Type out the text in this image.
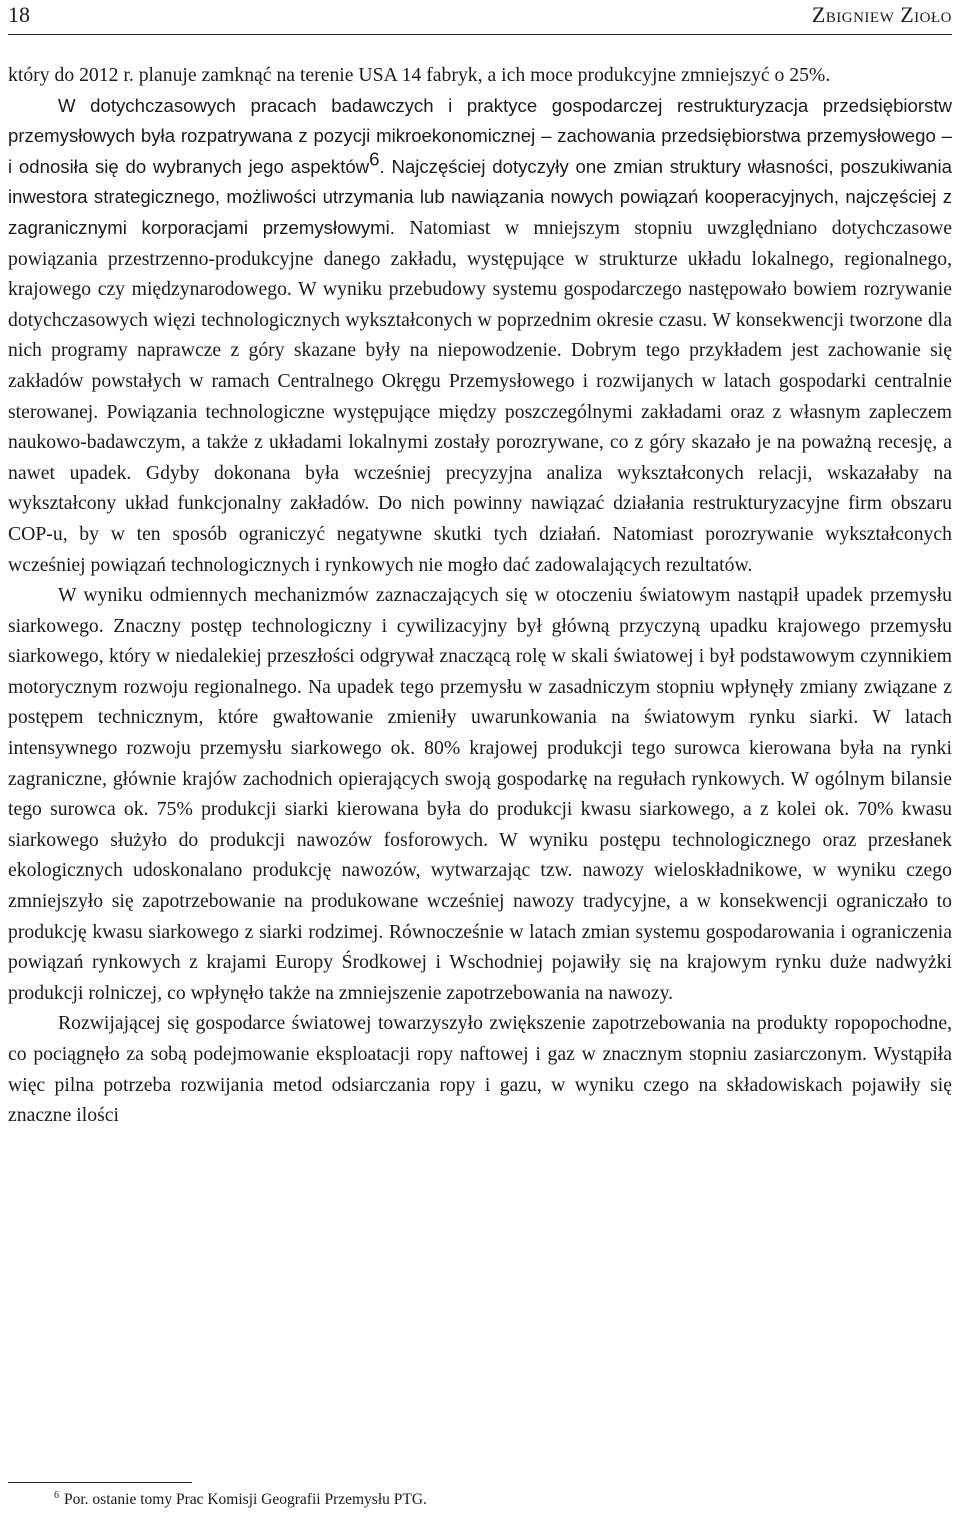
18	Zbigniew Zioło

który do 2012 r. planuje zamknąć na terenie USA 14 fabryk, a ich moce produkcyjne zmniejszyć o 25%.

W dotychczasowych pracach badawczych i praktyce gospodarczej restrukturyzacja przedsiębiorstw przemysłowych była rozpatrywana z pozycji mikroekonomicznej – zachowania przedsiębiorstwa przemysłowego – i odnosiła się do wybranych jego aspektów$^6$. Najczęściej dotyczyły one zmian struktury własności, poszukiwania inwestora strategicznego, możliwości utrzymania lub nawiązania nowych powiązań kooperacyjnych, najczęściej z zagranicznymi korporacjami przemysłowymi. Natomiast w mniejszym stopniu uwzględniano dotychczasowe powiązania przestrzenno-produkcyjne danego zakładu, występujące w strukturze układu lokalnego, regionalnego, krajowego czy międzynarodowego. W wyniku przebudowy systemu gospodarczego następowało bowiem rozrywanie dotychczasowych więzi technologicznych wykształconych w poprzednim okresie czasu. W konsekwencji tworzone dla nich programy naprawcze z góry skazane były na niepowodzenie. Dobrym tego przykładem jest zachowanie się zakładów powstałych w ramach Centralnego Okręgu Przemysłowego i rozwijanych w latach gospodarki centralnie sterowanej. Powiązania technologiczne występujące między poszczególnymi zakładami oraz z własnym zapleczem naukowo-badawczym, a także z układami lokalnymi zostały porozrywane, co z góry skazało je na poważną recesję, a nawet upadek. Gdyby dokonana była wcześniej precyzyjna analiza wykształconych relacji, wskazałaby na wykształcony układ funkcjonalny zakładów. Do nich powinny nawiązać działania restrukturyzacyjne firm obszaru COP-u, by w ten sposób ograniczyć negatywne skutki tych działań. Natomiast porozrywanie wykształconych wcześniej powiązań technologicznych i rynkowych nie mogło dać zadowalających rezultatów.

W wyniku odmiennych mechanizmów zaznaczających się w otoczeniu światowym nastąpił upadek przemysłu siarkowego. Znaczny postęp technologiczny i cywilizacyjny był główną przyczyną upadku krajowego przemysłu siarkowego, który w niedalekiej przeszłości odgrywał znaczącą rolę w skali światowej i był podstawowym czynnikiem motorycznym rozwoju regionalnego. Na upadek tego przemysłu w zasadniczym stopniu wpłynęły zmiany związane z postępem technicznym, które gwałtowanie zmieniły uwarunkowania na światowym rynku siarki. W latach intensywnego rozwoju przemysłu siarkowego ok. 80% krajowej produkcji tego surowca kierowana była na rynki zagraniczne, głównie krajów zachodnich opierających swoją gospodarkę na regułach rynkowych. W ogólnym bilansie tego surowca ok. 75% produkcji siarki kierowana była do produkcji kwasu siarkowego, a z kolei ok. 70% kwasu siarkowego służyło do produkcji nawozów fosforowych. W wyniku postępu technologicznego oraz przesłanek ekologicznych udoskonalano produkcję nawozów, wytwarzając tzw. nawozy wieloskładnikowe, w wyniku czego zmniejszyło się zapotrzebowanie na produkowane wcześniej nawozy tradycyjne, a w konsekwencji ograniczało to produkcję kwasu siarkowego z siarki rodzimej. Równocześnie w latach zmian systemu gospodarowania i ograniczenia powiązań rynkowych z krajami Europy Środkowej i Wschodniej pojawiły się na krajowym rynku duże nadwyżki produkcji rolniczej, co wpłynęło także na zmniejszenie zapotrzebowania na nawozy.

Rozwijającej się gospodarce światowej towarzyszyło zwiększenie zapotrzebowania na produkty ropopochodne, co pociągnęło za sobą podejmowanie eksploatacji ropy naftowej i gaz w znacznym stopniu zasiarczonym. Wystąpiła więc pilna potrzeba rozwijania metod odsiarczania ropy i gazu, w wyniku czego na składowiskach pojawiły się znaczne ilości

$^6$ Por. ostanie tomy Prac Komisji Geografii Przemysłu PTG.
